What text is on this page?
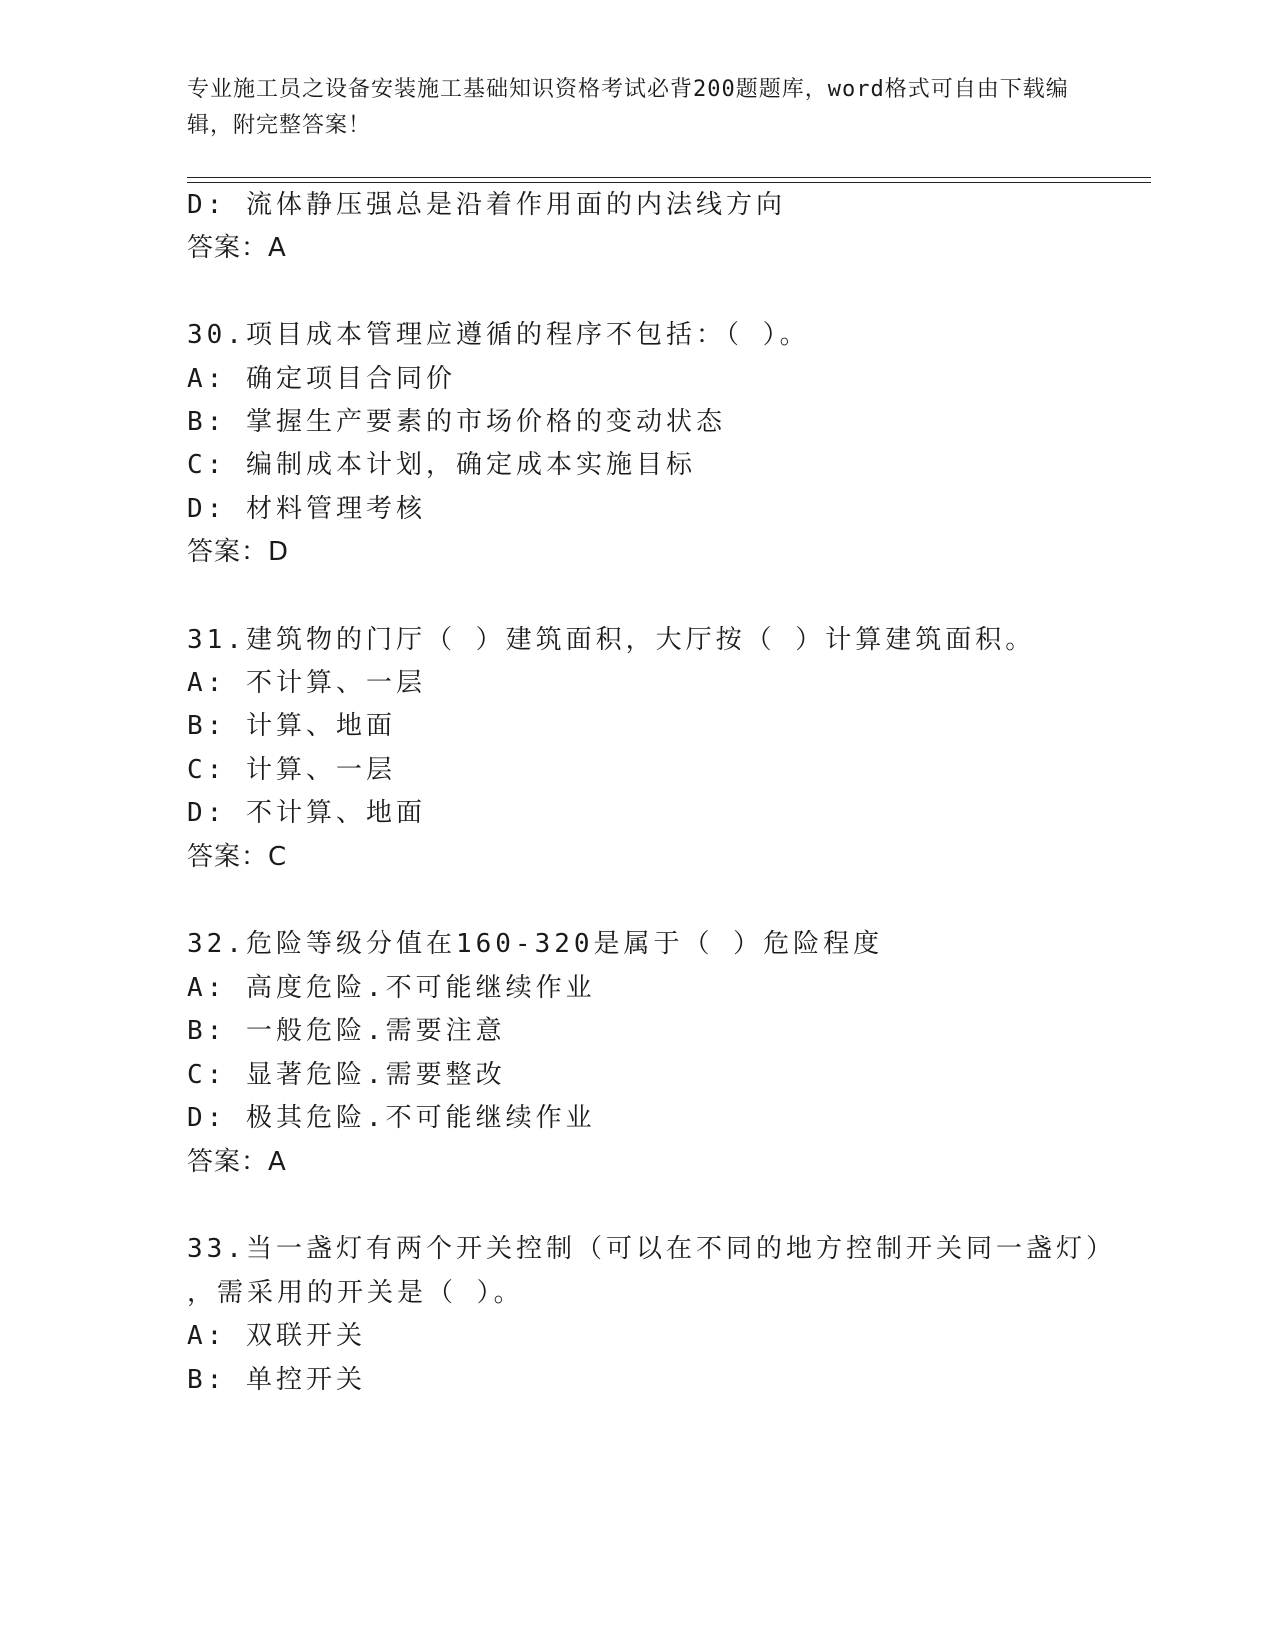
专业施工员之设备安装施工基础知识资格考试必背200题题库，word格式可自由下载编辑，附完整答案！
D: 流体静压强总是沿着作用面的内法线方向
答案：A
30.项目成本管理应遵循的程序不包括：（ ）。
A: 确定项目合同价
B: 掌握生产要素的市场价格的变动状态
C: 编制成本计划，确定成本实施目标
D: 材料管理考核
答案：D
31.建筑物的门厅（ ）建筑面积，大厅按（ ）计算建筑面积。
A: 不计算、一层
B: 计算、地面
C: 计算、一层
D: 不计算、地面
答案：C
32.危险等级分值在160-320是属于（ ）危险程度
A: 高度危险.不可能继续作业
B: 一般危险.需要注意
C: 显著危险.需要整改
D: 极其危险.不可能继续作业
答案：A
33.当一盏灯有两个开关控制（可以在不同的地方控制开关同一盏灯）
，需采用的开关是（ ）。
A: 双联开关
B: 单控开关
